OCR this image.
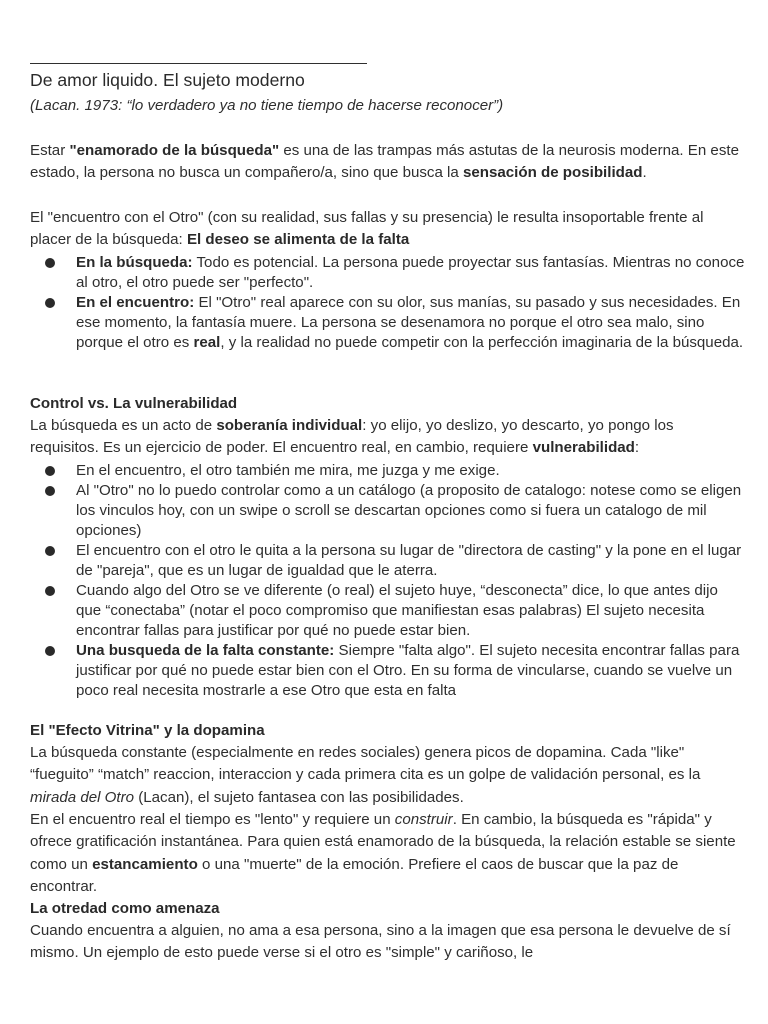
De amor liquido. El sujeto moderno

(Lacan. 1973: “lo verdadero ya no tiene tiempo de hacerse reconocer”)

Estar "enamorado de la búsqueda" es una de las trampas más astutas de la neurosis moderna. En este estado, la persona no busca un compañero/a, sino que busca la sensación de posibilidad.

El "encuentro con el Otro" (con su realidad, sus fallas y su presencia) le resulta insoportable frente al placer de la búsqueda: El deseo se alimenta de la falta

En la búsqueda: Todo es potencial. La persona puede proyectar sus fantasías. Mientras no conoce al otro, el otro puede ser "perfecto".
En el encuentro: El "Otro" real aparece con su olor, sus manías, su pasado y sus necesidades. En ese momento, la fantasía muere. La persona se desenamora no porque el otro sea malo, sino porque el otro es real, y la realidad no puede competir con la perfección imaginaria de la búsqueda.

Control vs. La vulnerabilidad

La búsqueda es un acto de soberanía individual: yo elijo, yo deslizo, yo descarto, yo pongo los requisitos. Es un ejercicio de poder. El encuentro real, en cambio, requiere vulnerabilidad:

En el encuentro, el otro también me mira, me juzga y me exige.
Al "Otro" no lo puedo controlar como a un catálogo (a proposito de catalogo: notese como se eligen los vinculos hoy, con un swipe o scroll se descartan opciones como si fuera un catalogo de mil opciones)
El encuentro con el otro le quita a la persona su lugar de "directora de casting" y la pone en el lugar de "pareja", que es un lugar de igualdad que le aterra.
Cuando algo del Otro se ve diferente (o real) el sujeto huye, “desconecta” dice, lo que antes dijo que “conectaba” (notar el poco compromiso que manifiestan esas palabras) El sujeto necesita encontrar fallas para justificar por qué no puede estar bien.
Una busqueda de la falta constante: Siempre "falta algo". El sujeto necesita encontrar fallas para justificar por qué no puede estar bien con el Otro. En su forma de vincularse, cuando se vuelve un poco real necesita mostrarle a ese Otro que esta en falta

El "Efecto Vitrina" y la dopamina

La búsqueda constante (especialmente en redes sociales) genera picos de dopamina. Cada "like" “fueguito” “match” reaccion, interaccion y cada primera cita es un golpe de validación personal, es la mirada del Otro (Lacan), el sujeto fantasea con las posibilidades.

En el encuentro real el tiempo es "lento" y requiere un construir. En cambio, la búsqueda es "rápida" y ofrece gratificación instantánea. Para quien está enamorado de la búsqueda, la relación estable se siente como un estancamiento o una "muerte" de la emoción. Prefiere el caos de buscar que la paz de encontrar.

La otredad como amenaza

Cuando encuentra a alguien, no ama a esa persona, sino a la imagen que esa persona le devuelve de sí mismo. Un ejemplo de esto puede verse si el otro es "simple" y cariñoso, le
